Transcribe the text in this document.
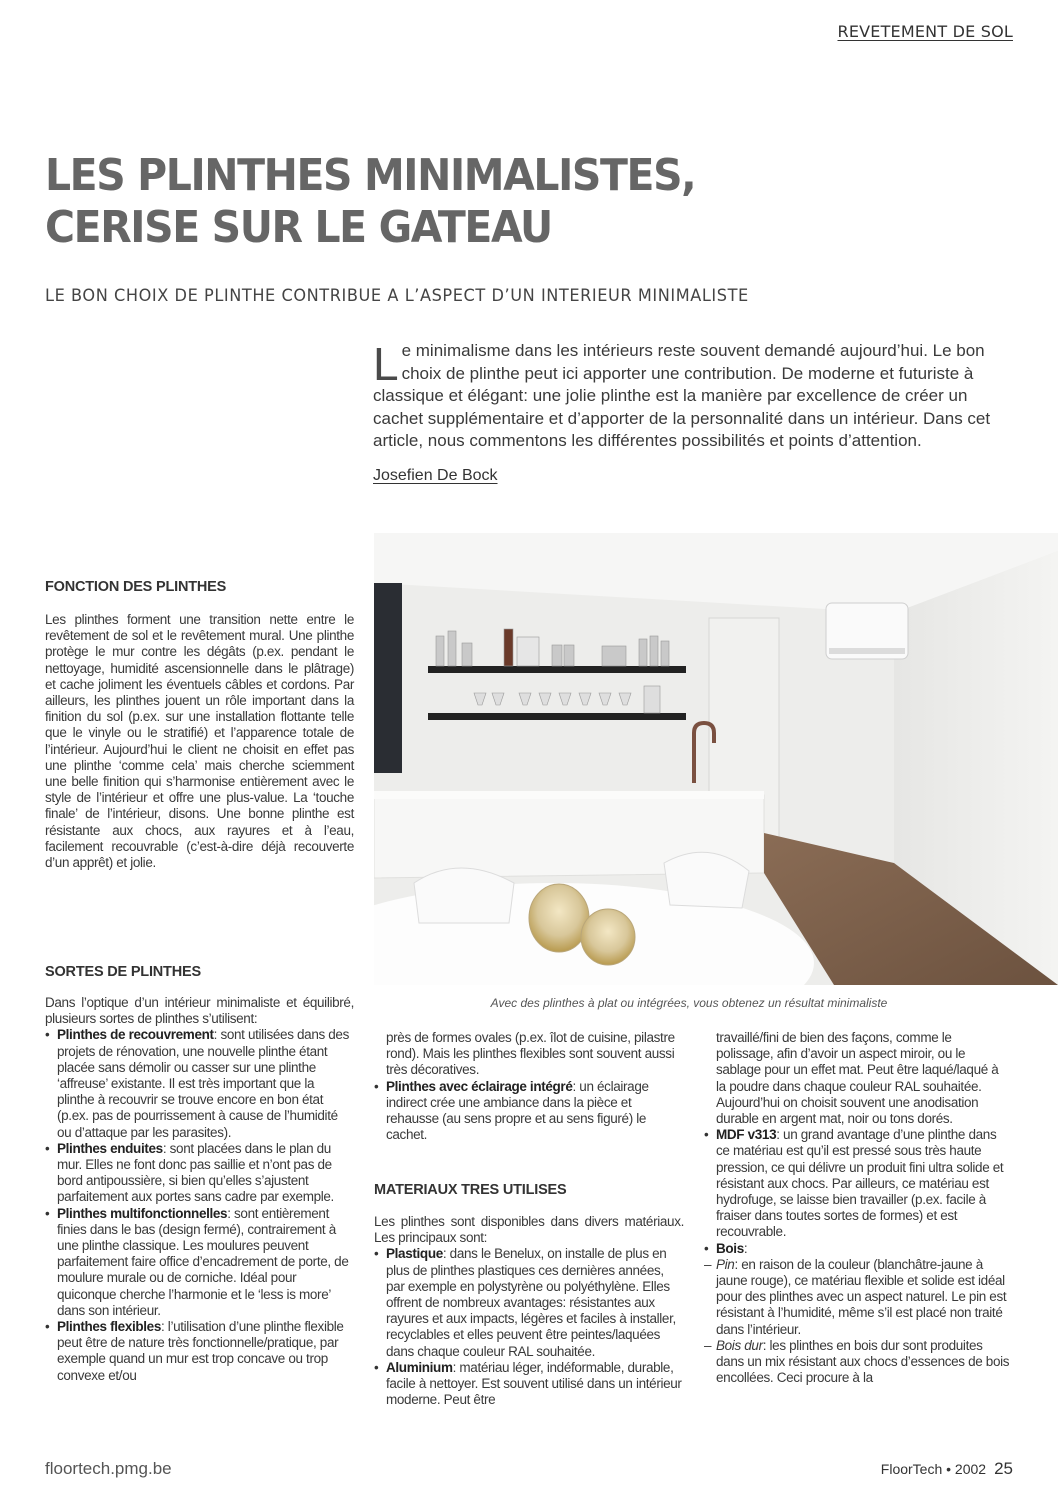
REVETEMENT DE SOL
LES PLINTHES MINIMALISTES,
CERISE SUR LE GATEAU
LE BON CHOIX DE PLINTHE CONTRIBUE A L’ASPECT D’UN INTERIEUR MINIMALISTE
Le minimalisme dans les intérieurs reste souvent demandé aujourd’hui. Le bon choix de plinthe peut ici apporter une contribution. De moderne et futuriste à classique et élégant: une jolie plinthe est la manière par excellence de créer un cachet supplémentaire et d’apporter de la personnalité dans un intérieur. Dans cet article, nous commentons les différentes possibilités et points d’attention.
Josefien De Bock
Avec des plinthes à plat ou intégrées, vous obtenez un résultat minimaliste
FONCTION DES PLINTHES

Les plinthes forment une transition nette entre le revêtement de sol et le revêtement mural. Une plinthe protège le mur contre les dégâts (p.ex. pendant le nettoyage, humidité ascensionnelle dans le plâtrage) et cache joliment les éventuels câbles et cordons. Par ailleurs, les plinthes jouent un rôle important dans la finition du sol (p.ex. sur une installation flottante telle que le vinyle ou le stratifié) et l’apparence totale de l’intérieur. Aujourd’hui le client ne choisit en effet pas une plinthe ‘comme cela’ mais cherche sciemment une belle finition qui s’harmonise entièrement avec le style de l’intérieur et offre une plus-value. La ‘touche finale’ de l’intérieur, disons. Une bonne plinthe est résistante aux chocs, aux rayures et à l’eau, facilement recouvrable (c’est-à-dire déjà recouverte d’un apprêt) et jolie.

SORTES DE PLINTHES

Dans l’optique d’un intérieur minimaliste et équilibré, plusieurs sortes de plinthes s’utilisent:

• Plinthes de recouvrement: sont utilisées dans des projets de rénovation, une nouvelle plinthe étant placée sans démolir ou casser sur une plinthe ‘affreuse’ existante. Il est très important que la plinthe à recouvrir se trouve encore en bon état (p.ex. pas de pourrissement à cause de l’humidité ou d’attaque par les parasites).
• Plinthes enduites: sont placées dans le plan du mur. Elles ne font donc pas saillie et n’ont pas de bord antipoussière, si bien qu’elles s’ajustent parfaitement aux portes sans cadre par exemple.
• Plinthes multifonctionnelles: sont entièrement finies dans le bas (design fermé), contrairement à une plinthe classique. Les moulures peuvent parfaitement faire office d’encadrement de porte, de moulure murale ou de corniche. Idéal pour quiconque cherche l’harmonie et le ‘less is more’ dans son intérieur.
• Plinthes flexibles: l’utilisation d’une plinthe flexible peut être de nature très fonctionnelle/pratique, par exemple quand un mur est trop concave ou trop convexe et/ou

près de formes ovales (p.ex. îlot de cuisine, pilastre rond). Mais les plinthes flexibles sont souvent aussi très décoratives.

• Plinthes avec éclairage intégré: un éclairage indirect crée une ambiance dans la pièce et rehausse (au sens propre et au sens figuré) le cachet.
MATERIAUX TRES UTILISES

Les plinthes sont disponibles dans divers matériaux. Les principaux sont:

• Plastique: dans le Benelux, on installe de plus en plus de plinthes plastiques ces dernières années, par exemple en polystyrène ou polyéthylène. Elles offrent de nombreux avantages: résistantes aux rayures et aux impacts, légères et faciles à installer, recyclables et elles peuvent être peintes/laquées dans chaque couleur RAL souhaitée.
• Aluminium: matériau léger, indéformable, durable, facile à nettoyer. Est souvent utilisé dans un intérieur moderne. Peut être

travaillé/fini de bien des façons, comme le polissage, afin d’avoir un aspect miroir, ou le sablage pour un effet mat. Peut être laqué/laqué à la poudre dans chaque couleur RAL souhaitée. Aujourd’hui on choisit souvent une anodisation durable en argent mat, noir ou tons dorés.

• MDF v313: un grand avantage d’une plinthe dans ce matériau est qu’il est pressé sous très haute pression, ce qui délivre un produit fini ultra solide et résistant aux chocs. Par ailleurs, ce matériau est hydrofuge, se laisse bien travailler (p.ex. facile à fraiser dans toutes sortes de formes) et est recouvrable.
• Bois:
– Pin: en raison de la couleur (blanchâtre-jaune à jaune rouge), ce matériau flexible et solide est idéal pour des plinthes avec un aspect naturel. Le pin est résistant à l’humidité, même s’il est placé non traité dans l’intérieur.
– Bois dur: les plinthes en bois dur sont produites dans un mix résistant aux chocs d’essences de bois encollées. Ceci procure à la
floortech.pmg.be	FloorTech • 2002 25
